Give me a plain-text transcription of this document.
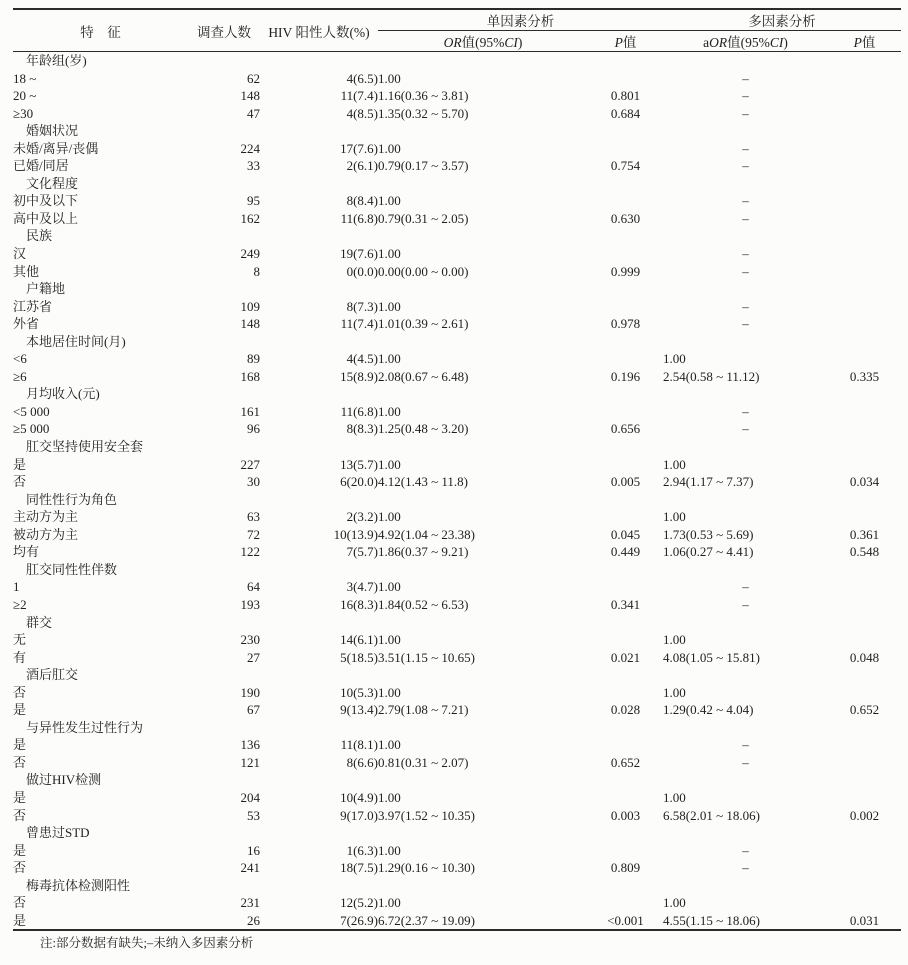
特　征	调查人数	HIV 阳性人数(%)	单因素分析		多因素分析	
			OR值(95%CI)	P值	aOR值(95%CI)	P值
年龄组(岁)						
18 ~	62	4(6.5)	1.00		–	
20 ~	148	11(7.4)	1.16(0.36 ~ 3.81)	0.801	–	
≥30	47	4(8.5)	1.35(0.32 ~ 5.70)	0.684	–	
婚姻状况						
未婚/离异/丧偶	224	17(7.6)	1.00		–	
已婚/同居	33	2(6.1)	0.79(0.17 ~ 3.57)	0.754	–	
文化程度						
初中及以下	95	8(8.4)	1.00		–	
高中及以上	162	11(6.8)	0.79(0.31 ~ 2.05)	0.630	–	
民族						
汉	249	19(7.6)	1.00		–	
其他	8	0(0.0)	0.00(0.00 ~ 0.00)	0.999	–	
户籍地						
江苏省	109	8(7.3)	1.00		–	
外省	148	11(7.4)	1.01(0.39 ~ 2.61)	0.978	–	
本地居住时间(月)						
<6	89	4(4.5)	1.00		1.00	
≥6	168	15(8.9)	2.08(0.67 ~ 6.48)	0.196	2.54(0.58 ~ 11.12)	0.335
月均收入(元)						
<5 000	161	11(6.8)	1.00		–	
≥5 000	96	8(8.3)	1.25(0.48 ~ 3.20)	0.656	–	
肛交坚持使用安全套						
是	227	13(5.7)	1.00		1.00	
否	30	6(20.0)	4.12(1.43 ~ 11.8)	0.005	2.94(1.17 ~ 7.37)	0.034
同性性行为角色						
主动方为主	63	2(3.2)	1.00		1.00	
被动方为主	72	10(13.9)	4.92(1.04 ~ 23.38)	0.045	1.73(0.53 ~ 5.69)	0.361
均有	122	7(5.7)	1.86(0.37 ~ 9.21)	0.449	1.06(0.27 ~ 4.41)	0.548
肛交同性性伴数						
1	64	3(4.7)	1.00		–	
≥2	193	16(8.3)	1.84(0.52 ~ 6.53)	0.341	–	
群交						
无	230	14(6.1)	1.00		1.00	
有	27	5(18.5)	3.51(1.15 ~ 10.65)	0.021	4.08(1.05 ~ 15.81)	0.048
酒后肛交						
否	190	10(5.3)	1.00		1.00	
是	67	9(13.4)	2.79(1.08 ~ 7.21)	0.028	1.29(0.42 ~ 4.04)	0.652
与异性发生过性行为						
是	136	11(8.1)	1.00		–	
否	121	8(6.6)	0.81(0.31 ~ 2.07)	0.652	–	
做过HIV检测						
是	204	10(4.9)	1.00		1.00	
否	53	9(17.0)	3.97(1.52 ~ 10.35)	0.003	6.58(2.01 ~ 18.06)	0.002
曾患过STD						
是	16	1(6.3)	1.00		–	
否	241	18(7.5)	1.29(0.16 ~ 10.30)	0.809	–	
梅毒抗体检测阳性						
否	231	12(5.2)	1.00		1.00	
是	26	7(26.9)	6.72(2.37 ~ 19.09)	<0.001	4.55(1.15 ~ 18.06)	0.031
注:部分数据有缺失;–未纳入多因素分析
